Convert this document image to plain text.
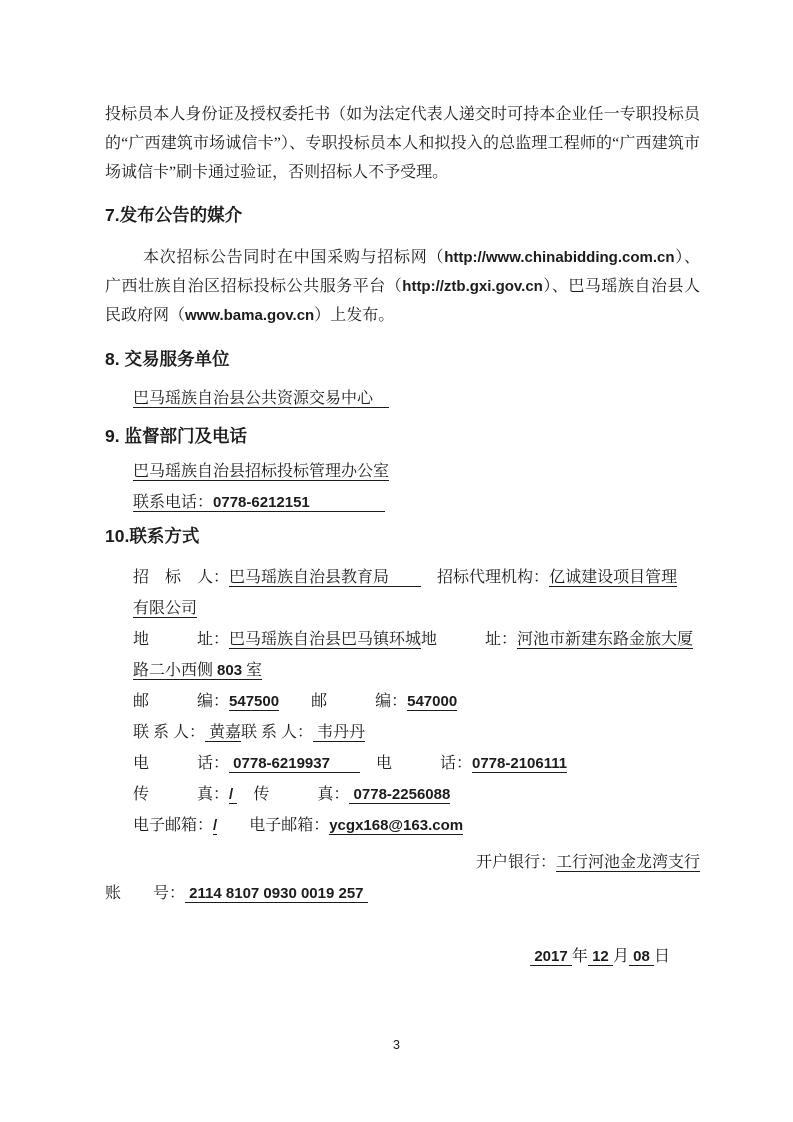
投标员本人身份证及授权委托书（如为法定代表人递交时可持本企业任一专职投标员的“广西建筑市场诚信卡”）、专职投标员本人和拟投入的总监理工程师的“广西建筑市场诚信卡”刷卡通过验证，否则招标人不予受理。

7.发布公告的媒介

本次招标公告同时在中国采购与招标网（http://www.chinabidding.com.cn）、广西壮族自治区招标投标公共服务平台（http://ztb.gxi.gov.cn）、巴马瑶族自治县人民政府网（www.bama.gov.cn）上发布。

8. 交易服务单位

巴马瑶族自治县公共资源交易中心　

9. 监督部门及电话

巴马瑶族自治县招标投标管理办公室
联系电话：0778-6212151　　　　　

10.联系方式

招　标　人：巴马瑶族自治县教育局　　　招标代理机构：亿诚建设项目管理
有限公司
地　　　址：巴马瑶族自治县巴马镇环城地　　　址：河池市新建东路金旅大厦
路二小西侧 803 室
邮　　　编：547500　　 邮　　　编：547000
联 系 人： 黄嘉联 系 人： 韦丹丹
电　　　话： 0778-6219937　　　电　　　话：0778-2106111
传　　　真：/ 　传　　　真： 0778-2256088
电子邮箱：/　　 电子邮箱：ycgx168@163.com
开户银行：工行河池金龙湾支行
账　　号： 2114 8107 0930 0019 257
2017 年 12 月 08 日
3
